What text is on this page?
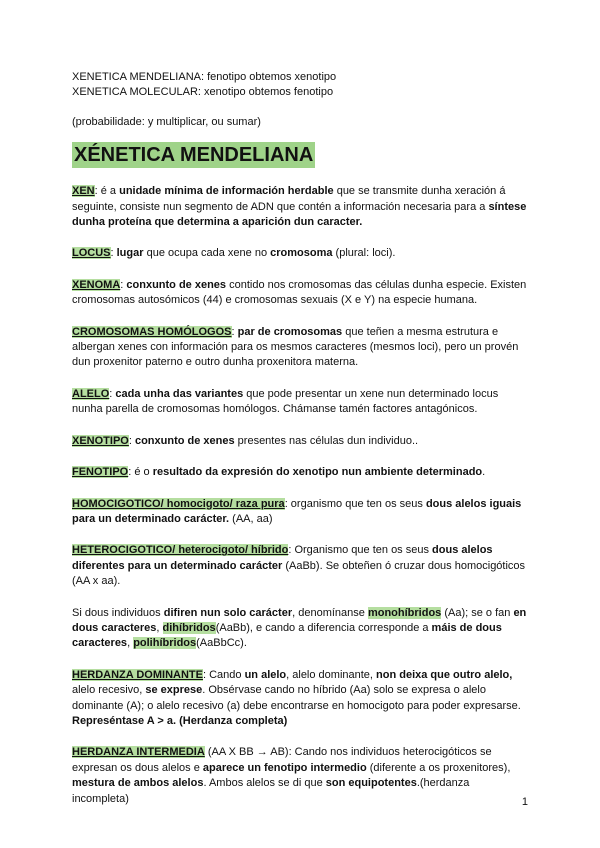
XENETICA MENDELIANA: fenotipo obtemos xenotipo
XENETICA MOLECULAR: xenotipo obtemos fenotipo
(probabilidade: y multiplicar, ou sumar)
XÉNETICA MENDELIANA

XEN: é a unidade mínima de información herdable que se transmite dunha xeración á seguinte, consiste nun segmento de ADN que contén a información necesaria para a síntese dunha proteína que determina a aparición dun caracter.

LOCUS: lugar que ocupa cada xene no cromosoma (plural: loci).

XENOMA: conxunto de xenes contido nos cromosomas das células dunha especie. Existen cromosomas autosómicos (44) e cromosomas sexuais (X e Y) na especie humana.

CROMOSOMAS HOMÓLOGOS: par de cromosomas que teñen a mesma estrutura e albergan xenes con información para os mesmos caracteres (mesmos loci), pero un provén dun proxenitor paterno e outro dunha proxenitora materna.

ALELO: cada unha das variantes que pode presentar un xene nun determinado locus nunha parella de cromosomas homólogos. Chámanse tamén factores antagónicos.

XENOTIPO: conxunto de xenes presentes nas células dun individuo..

FENOTIPO: é o resultado da expresión do xenotipo nun ambiente determinado.

HOMOCIGOTICO/ homocigoto/ raza pura: organismo que ten os seus dous alelos iguais para un determinado carácter. (AA, aa)

HETEROCIGOTICO/ heterocigoto/ híbrido: Organismo que ten os seus dous alelos diferentes para un determinado carácter (AaBb). Se obteñen ó cruzar dous homocigóticos (AA x aa).

Si dous individuos difiren nun solo carácter, denomínanse monohíbridos (Aa); se o fan en dous caracteres, dihíbridos(AaBb), e cando a diferencia corresponde a máis de dous caracteres, polihíbridos(AaBbCc).

HERDANZA DOMINANTE: Cando un alelo, alelo dominante, non deixa que outro alelo, alelo recesivo, se exprese. Obsérvase cando no híbrido (Aa) solo se expresa o alelo dominante (A); o alelo recesivo (a) debe encontrarse en homocigoto para poder expresarse. Represéntase A > a. (Herdanza completa)

HERDANZA INTERMEDIA (AA X BB → AB): Cando nos individuos heterocigóticos se expresan os dous alelos e aparece un fenotipo intermedio (diferente a os proxenitores), mestura de ambos alelos. Ambos alelos se di que son equipotentes.(herdanza incompleta)	1
